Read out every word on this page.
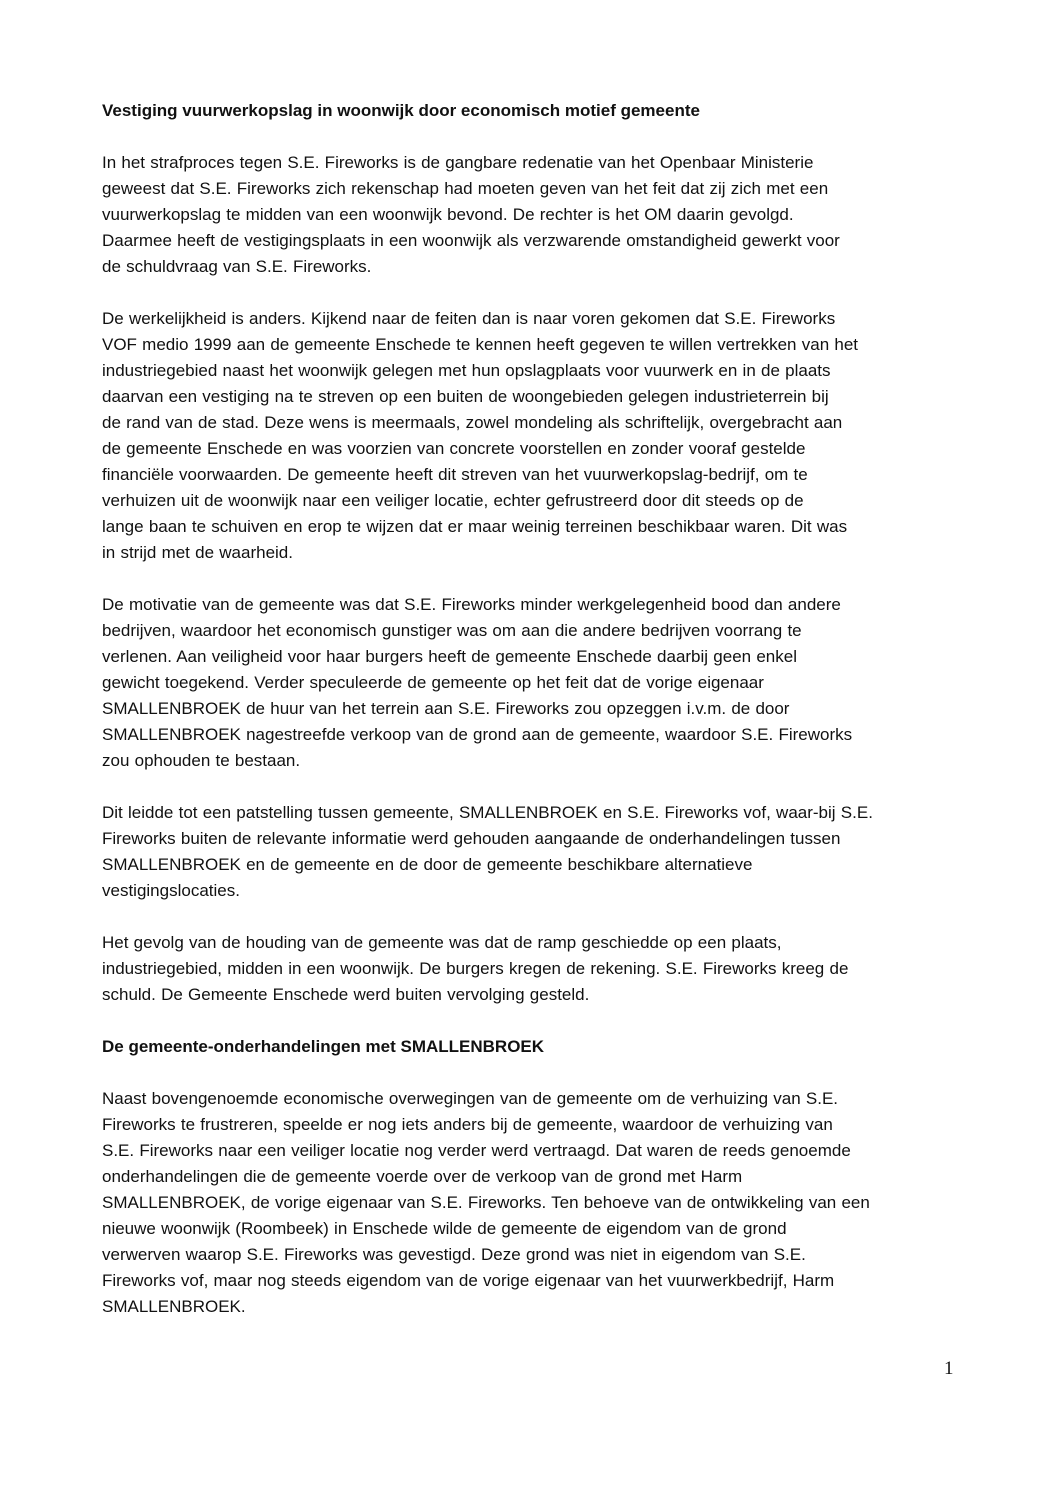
Vestiging vuurwerkopslag in woonwijk door economisch motief gemeente
In het strafproces tegen S.E. Fireworks is de gangbare redenatie van het Openbaar Ministerie
geweest dat S.E. Fireworks zich rekenschap had moeten geven van het feit dat zij zich met een
vuurwerkopslag te midden van een woonwijk bevond. De rechter is het OM daarin gevolgd.
Daarmee heeft de vestigingsplaats in een woonwijk als verzwarende omstandigheid gewerkt voor
de schuldvraag van S.E. Fireworks.
De werkelijkheid is anders. Kijkend naar de feiten dan is naar voren gekomen dat S.E. Fireworks
VOF medio 1999 aan de gemeente Enschede te kennen heeft gegeven te willen vertrekken van het
industriegebied naast het woonwijk gelegen met hun opslagplaats voor vuurwerk en in de plaats
daarvan een vestiging na te streven op een buiten de woongebieden gelegen industrieterrein bij
de rand van de stad. Deze wens is meermaals, zowel mondeling als schriftelijk, overgebracht aan
de gemeente Enschede en was voorzien van concrete voorstellen en zonder vooraf gestelde
financiële voorwaarden. De gemeente heeft dit streven van het vuurwerkopslag-bedrijf, om te
verhuizen uit de woonwijk naar een veiliger locatie, echter gefrustreerd door dit steeds op de
lange baan te schuiven en erop te wijzen dat er maar weinig terreinen beschikbaar waren. Dit was
in strijd met de waarheid.
De motivatie van de gemeente was dat S.E. Fireworks minder werkgelegenheid bood dan andere
bedrijven, waardoor het economisch gunstiger was om aan die andere bedrijven voorrang te
verlenen. Aan veiligheid voor haar burgers heeft de gemeente Enschede daarbij geen enkel
gewicht toegekend. Verder speculeerde de gemeente op het feit dat de vorige eigenaar
SMALLENBROEK de huur van het terrein aan S.E. Fireworks zou opzeggen i.v.m. de door
SMALLENBROEK nagestreefde verkoop van de grond aan de gemeente, waardoor S.E. Fireworks
zou ophouden te bestaan.
Dit leidde tot een patstelling tussen gemeente, SMALLENBROEK en S.E. Fireworks vof, waar-bij S.E.
Fireworks buiten de relevante informatie werd gehouden aangaande de onderhandelingen tussen
SMALLENBROEK en de gemeente en de door de gemeente beschikbare alternatieve
vestigingslocaties.
Het gevolg van de houding van de gemeente was dat de ramp geschiedde op een plaats,
industriegebied, midden in een woonwijk. De burgers kregen de rekening. S.E. Fireworks kreeg de
schuld. De Gemeente Enschede werd buiten vervolging gesteld.
De gemeente-onderhandelingen met SMALLENBROEK
Naast bovengenoemde economische overwegingen van de gemeente om de verhuizing van S.E.
Fireworks te frustreren, speelde er nog iets anders bij de gemeente, waardoor de verhuizing van
S.E. Fireworks naar een veiliger locatie nog verder werd vertraagd. Dat waren de reeds genoemde
onderhandelingen die de gemeente voerde over de verkoop van de grond met Harm
SMALLENBROEK, de vorige eigenaar van S.E. Fireworks. Ten behoeve van de ontwikkeling van een
nieuwe woonwijk (Roombeek) in Enschede wilde de gemeente de eigendom van de grond
verwerven waarop S.E. Fireworks was gevestigd. Deze grond was niet in eigendom van S.E.
Fireworks vof, maar nog steeds eigendom van de vorige eigenaar van het vuurwerkbedrijf, Harm
SMALLENBROEK.
1
